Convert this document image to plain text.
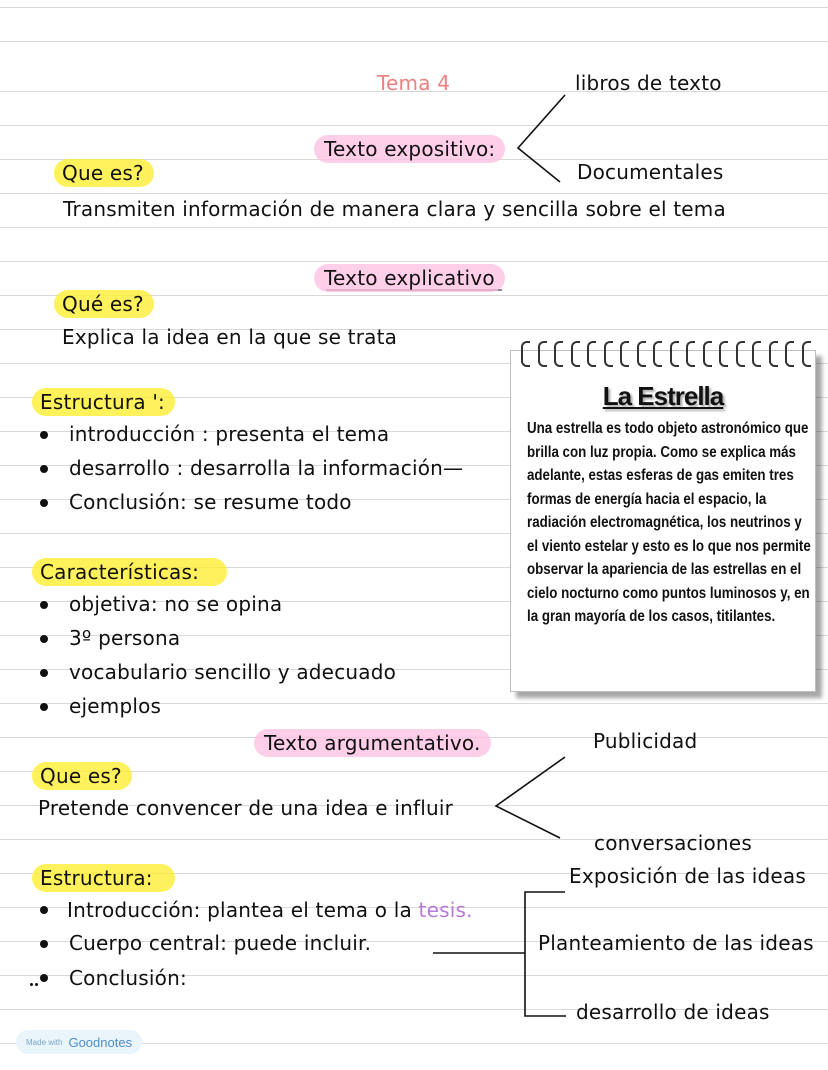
Tema 4	libros de texto
Texto expositivo:
Documentales
Que es?
Transmiten información de manera clara y sencilla sobre el tema
Texto explicativo
Qué es?
Explica la idea en la que se trata
Estructura ':
introducción : presenta el tema
desarrollo : desarrolla la información—
Conclusión: se resume todo
Características:
objetiva: no se opina
3º persona
vocabulario sencillo y adecuado
ejemplos
La Estrella
Una estrella es todo objeto astronómico que brilla con luz propia. Como se explica más adelante, estas esferas de gas emiten tres formas de energía hacia el espacio, la radiación electromagnética, los neutrinos y el viento estelar y esto es lo que nos permite observar la apariencia de las estrellas en el cielo nocturno como puntos luminosos y, en la gran mayoría de los casos, titilantes.
Texto argumentativo.	Publicidad
Que es?
Pretende convencer de una idea e influir
conversaciones
Estructura:	Exposición de las ideas
Introducción: plantea el tema o la tesis.
Cuerpo central: puede incluir.	Planteamiento de las ideas
Conclusión:
desarrollo de ideas
Made with Goodnotes
